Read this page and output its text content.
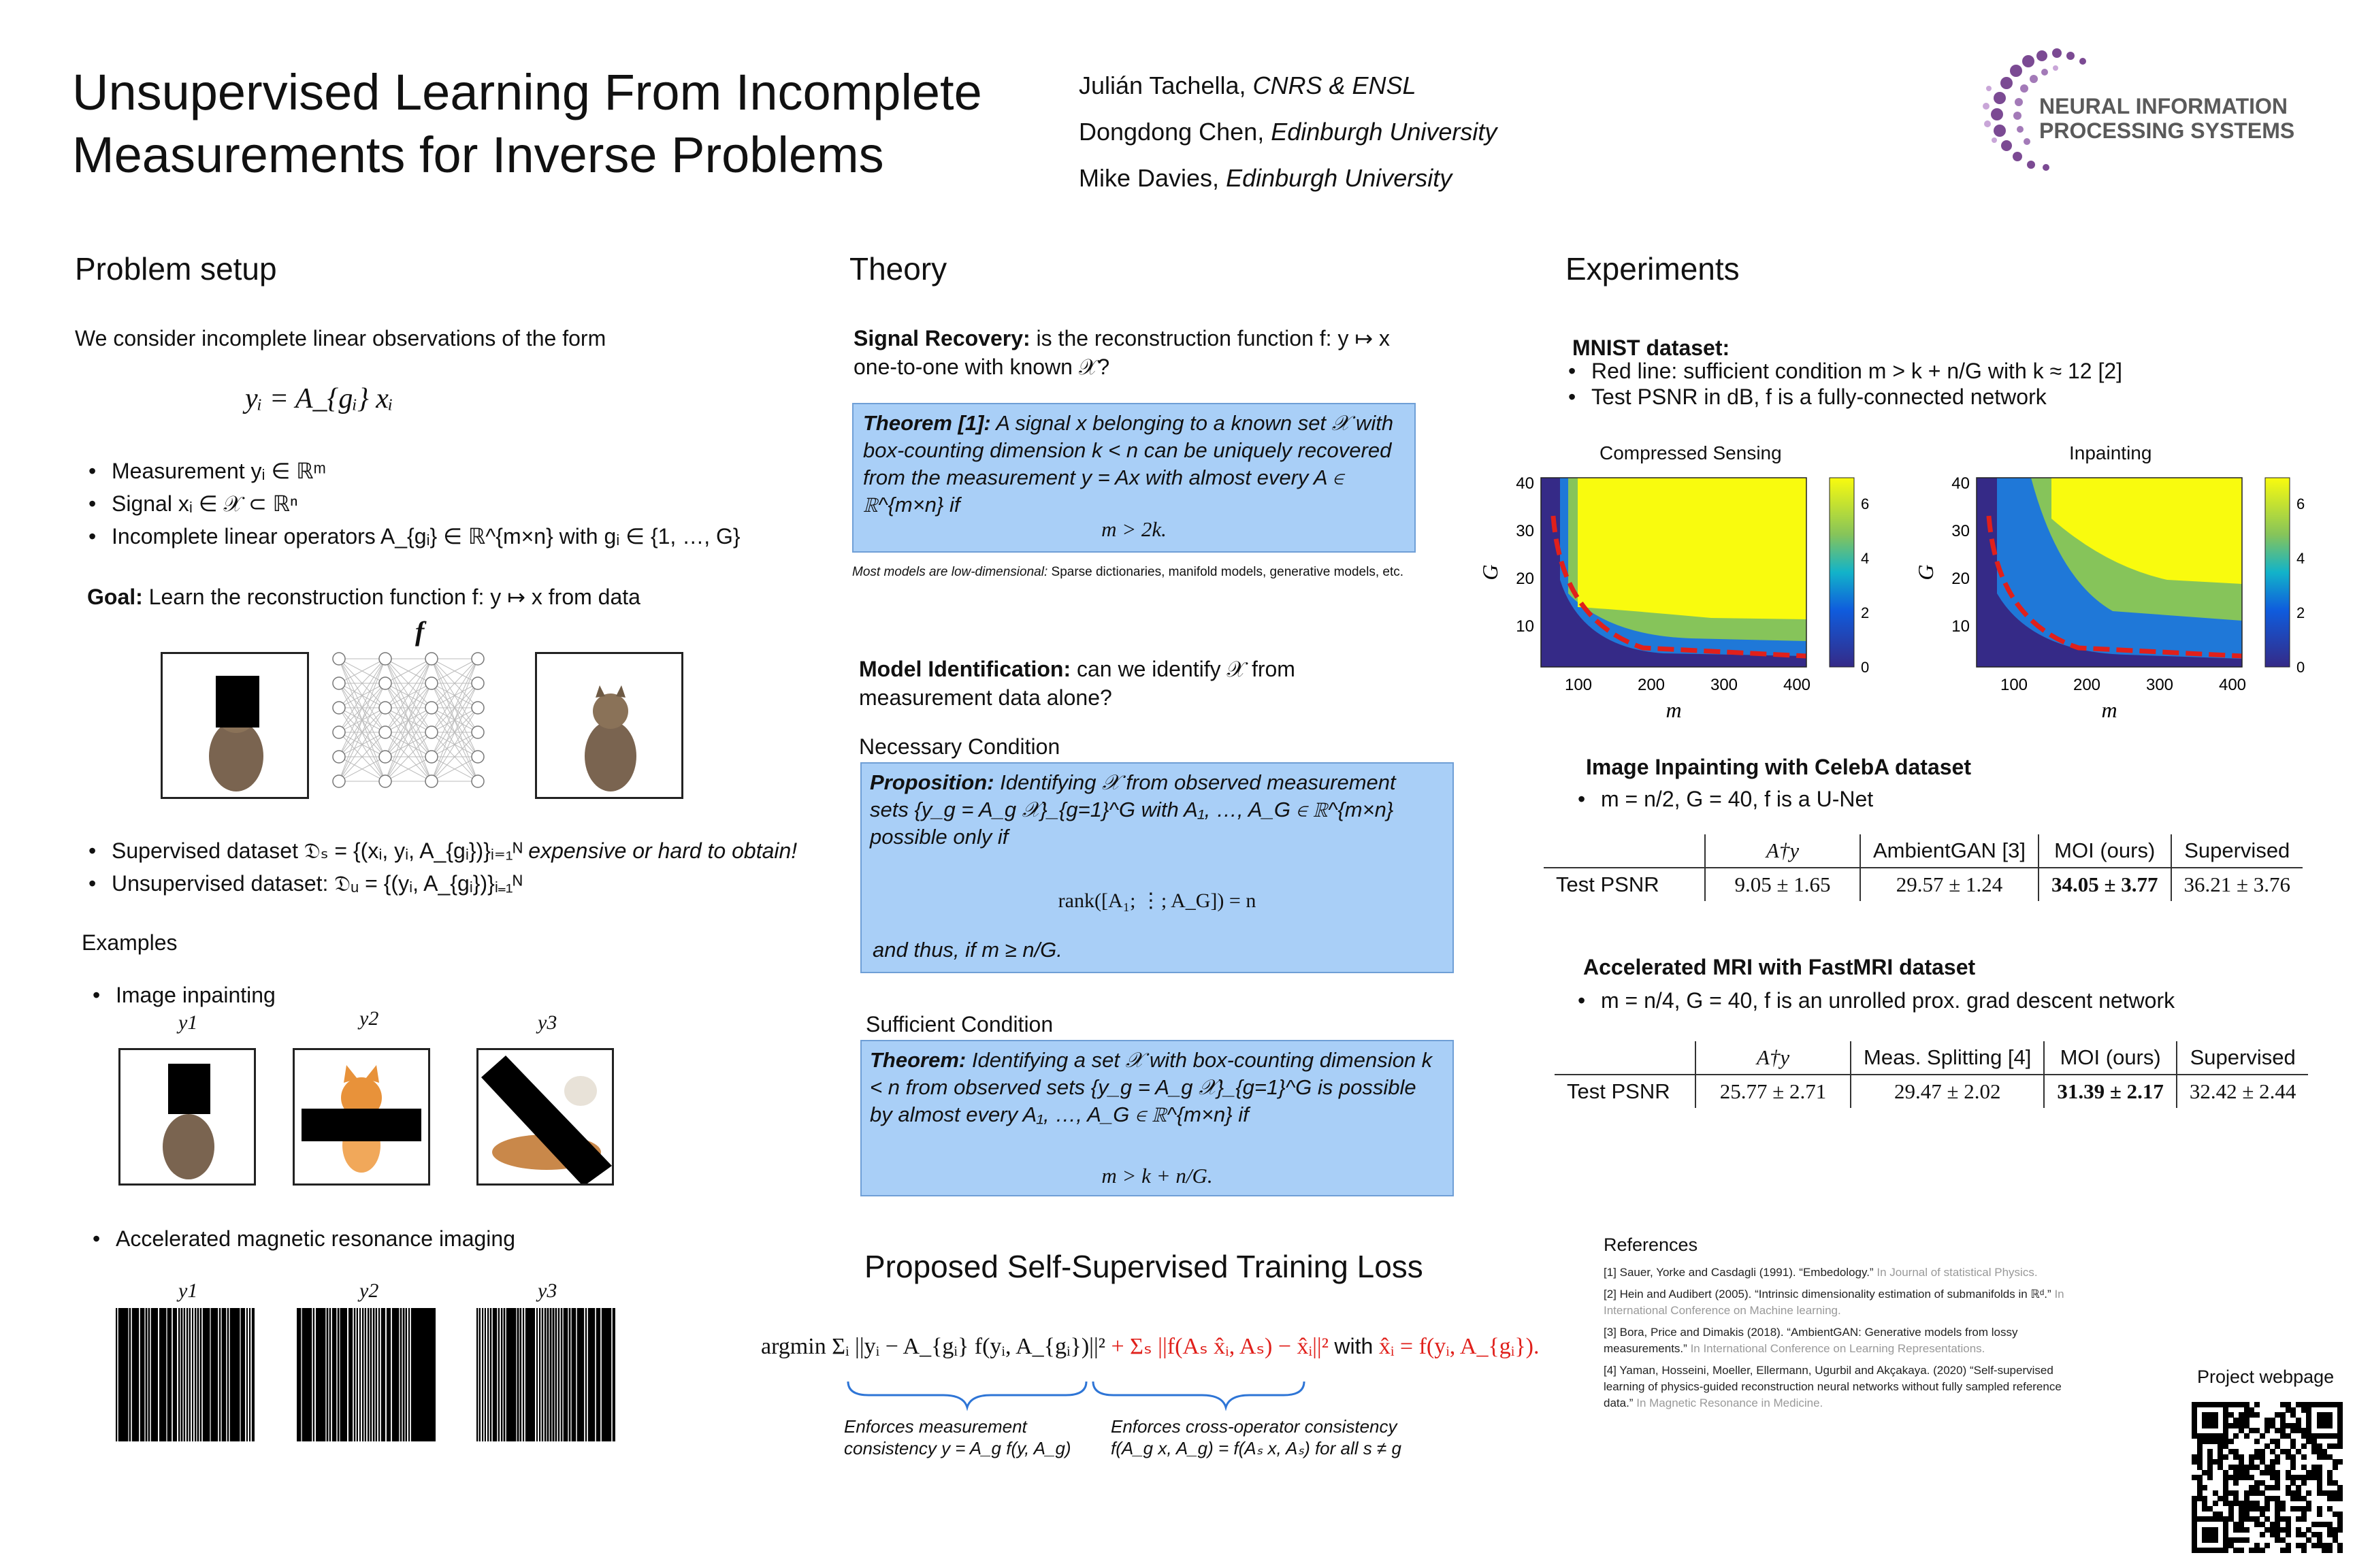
Unsupervised Learning From Incomplete Measurements for Inverse Problems
Julián Tachella, CNRS & ENSL
Dongdong Chen, Edinburgh University
Mike Davies, Edinburgh University
NEURAL INFORMATION
PROCESSING SYSTEMS
Problem setup
We consider incomplete linear observations of the form
yᵢ = A_{gᵢ} xᵢ
• Measurement yᵢ ∈ ℝᵐ
• Signal xᵢ ∈ 𝒳 ⊂ ℝⁿ
• Incomplete linear operators A_{gᵢ} ∈ ℝ^{m×n} with gᵢ ∈ {1, …, G}
Goal: Learn the reconstruction function f: y ↦ x from data
f
• Supervised dataset 𝔇ₛ = {(xᵢ, yᵢ, A_{gᵢ})}ᵢ₌₁ᴺ expensive or hard to obtain!
• Unsupervised dataset: 𝔇ᵤ = {(yᵢ, A_{gᵢ})}ᵢ₌₁ᴺ
Examples
• Image inpainting
y1	y2	y3
• Accelerated magnetic resonance imaging
y1	y2	y3
Theory
Signal Recovery: is the reconstruction function f: y ↦ x one-to-one with known 𝒳?
Theorem [1]: A signal x belonging to a known set 𝒳 with box-counting dimension k < n can be uniquely recovered from the measurement y = Ax with almost every A ∈ ℝ^{m×n} if
m > 2k.
Most models are low-dimensional: Sparse dictionaries, manifold models, generative models, etc.
Model Identification: can we identify 𝒳 from measurement data alone?
Necessary Condition
Proposition: Identifying 𝒳 from observed measurement sets {y_g = A_g 𝒳}_{g=1}^G with A₁, …, A_G ∈ ℝ^{m×n} possible only if
rank([A₁; ⋮; A_G]) = n
and thus, if m ≥ n/G.
Sufficient Condition
Theorem: Identifying a set 𝒳 with box-counting dimension k < n from observed sets {y_g = A_g 𝒳}_{g=1}^G is possible by almost every A₁, …, A_G ∈ ℝ^{m×n} if
m > k + n/G.
Proposed Self-Supervised Training Loss
argmin Σᵢ ||yᵢ − A_{gᵢ} f(yᵢ, A_{gᵢ})||² + Σₛ ||f(Aₛ x̂ᵢ, Aₛ) − x̂ᵢ||² with x̂ᵢ = f(yᵢ, A_{gᵢ}).
Enforces measurement
consistency y = A_g f(y, A_g)
Enforces cross-operator consistency
f(A_g x, A_g) = f(Aₛ x, Aₛ) for all s ≠ g
Experiments
MNIST dataset:
• Red line: sufficient condition m > k + n/G with k ≈ 12 [2]
• Test PSNR in dB, f is a fully-connected network
Compressed Sensing	Inpainting
100	200	300	400
10
20
30
40
m
G
0
2
4
6
100	200	300	400
10
20
30
40
m
G
0
2
4
6
Image Inpainting with CelebA dataset
• m = n/2, G = 40, f is a U-Net
	A†y	AmbientGAN [3]	MOI (ours)	Supervised
Test PSNR	9.05 ± 1.65	29.57 ± 1.24	34.05 ± 3.77	36.21 ± 3.76
Accelerated MRI with FastMRI dataset
• m = n/4, G = 40, f is an unrolled prox. grad descent network
	A†y	Meas. Splitting [4]	MOI (ours)	Supervised
Test PSNR	25.77 ± 2.71	29.47 ± 2.02	31.39 ± 2.17	32.42 ± 2.44
References
[1] Sauer, Yorke and Casdagli (1991). “Embedology.” In Journal of statistical Physics.
[2] Hein and Audibert (2005). “Intrinsic dimensionality estimation of submanifolds in ℝᵈ.” In International Conference on Machine learning.
[3] Bora, Price and Dimakis (2018). “AmbientGAN: Generative models from lossy measurements.” In International Conference on Learning Representations.
[4] Yaman, Hosseini, Moeller, Ellermann, Ugurbil and Akçakaya. (2020) “Self-supervised learning of physics-guided reconstruction neural networks without fully sampled reference data.” In Magnetic Resonance in Medicine.
Project webpage
